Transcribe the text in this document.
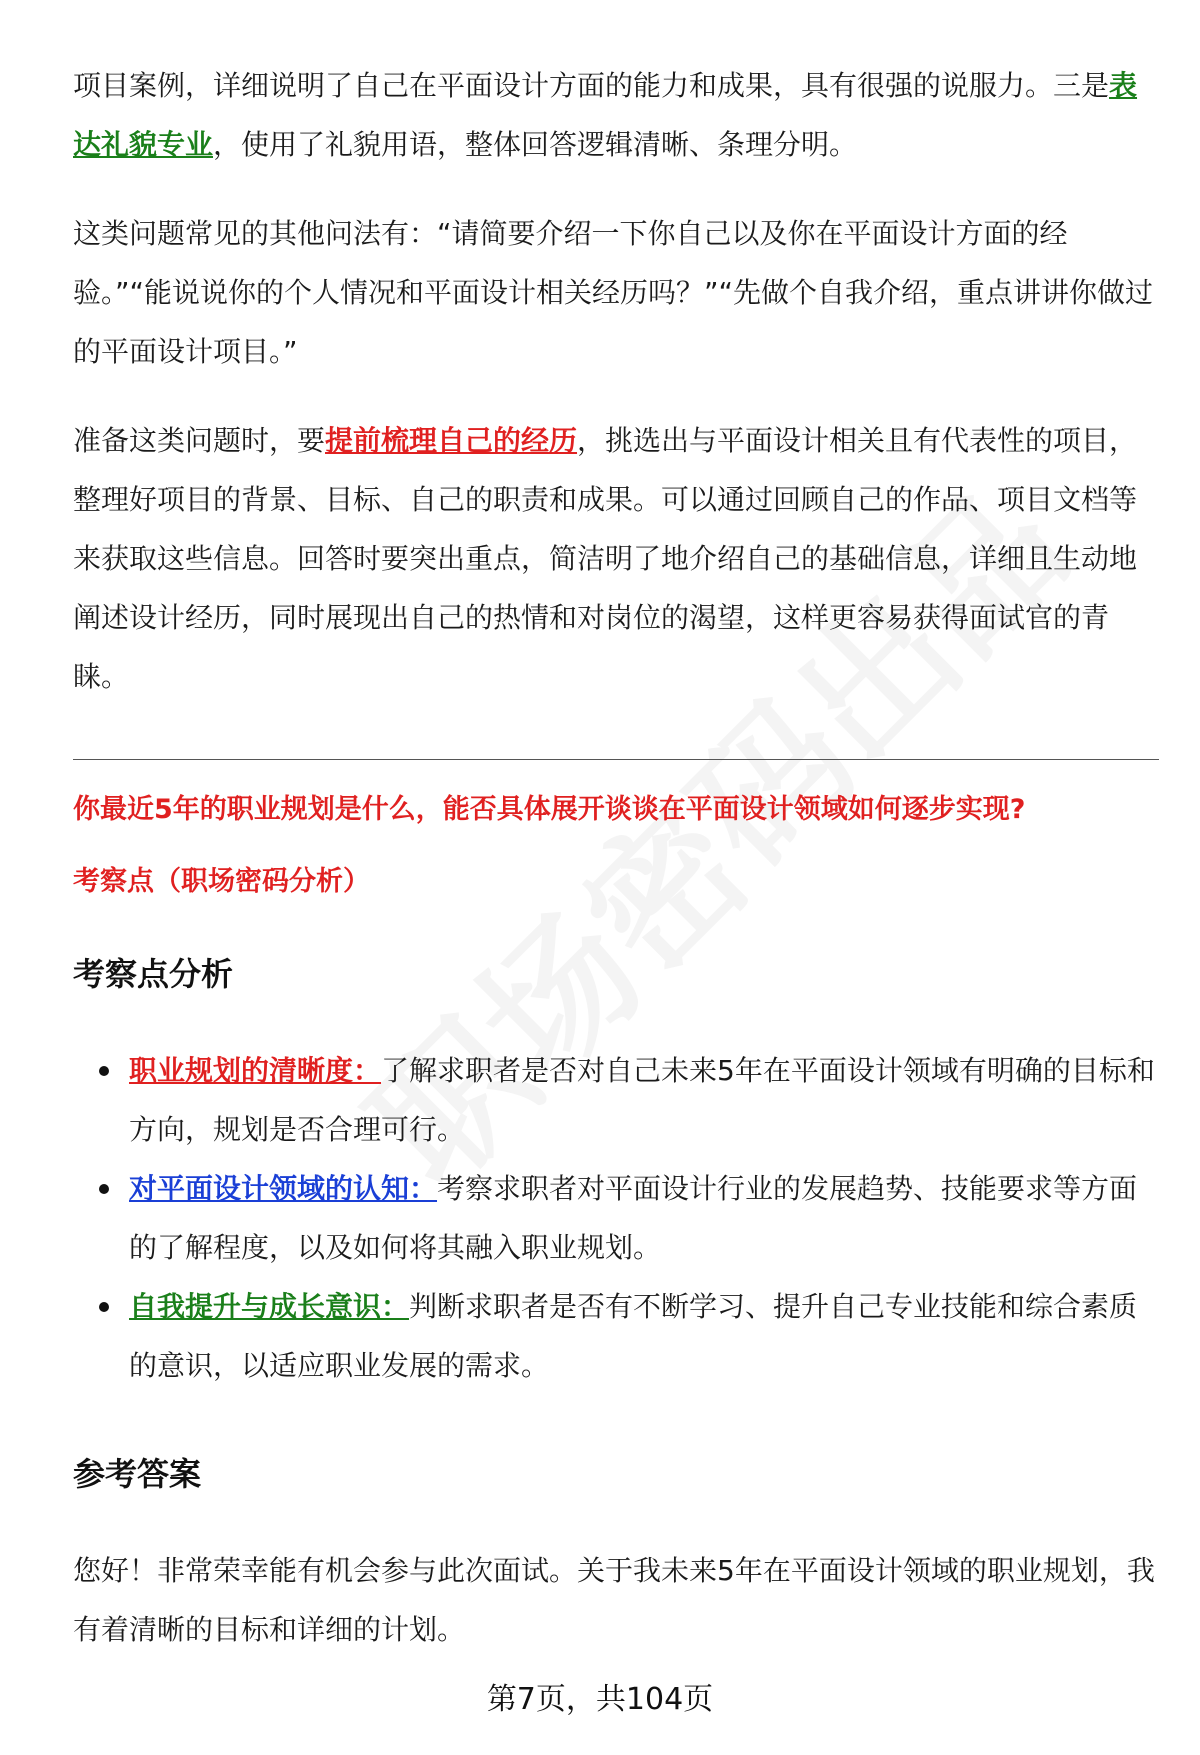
项目案例，详细说明了自己在平面设计方面的能力和成果，具有很强的说服力。三是表达礼貌专业，使用了礼貌用语，整体回答逻辑清晰、条理分明。

这类问题常见的其他问法有：“请简要介绍一下你自己以及你在平面设计方面的经验。”“能说说你的个人情况和平面设计相关经历吗？”“先做个自我介绍，重点讲讲你做过的平面设计项目。”

准备这类问题时，要提前梳理自己的经历，挑选出与平面设计相关且有代表性的项目，整理好项目的背景、目标、自己的职责和成果。可以通过回顾自己的作品、项目文档等来获取这些信息。回答时要突出重点，简洁明了地介绍自己的基础信息，详细且生动地阐述设计经历，同时展现出自己的热情和对岗位的渴望，这样更容易获得面试官的青睐。

你最近5年的职业规划是什么，能否具体展开谈谈在平面设计领域如何逐步实现?
考察点（职场密码分析）
考察点分析
职业规划的清晰度：了解求职者是否对自己未来5年在平面设计领域有明确的目标和方向，规划是否合理可行。
对平面设计领域的认知：考察求职者对平面设计行业的发展趋势、技能要求等方面的了解程度，以及如何将其融入职业规划。
自我提升与成长意识：判断求职者是否有不断学习、提升自己专业技能和综合素质的意识，以适应职业发展的需求。
参考答案

您好！非常荣幸能有机会参与此次面试。关于我未来5年在平面设计领域的职业规划，我有着清晰的目标和详细的计划。

第7页，共104页
